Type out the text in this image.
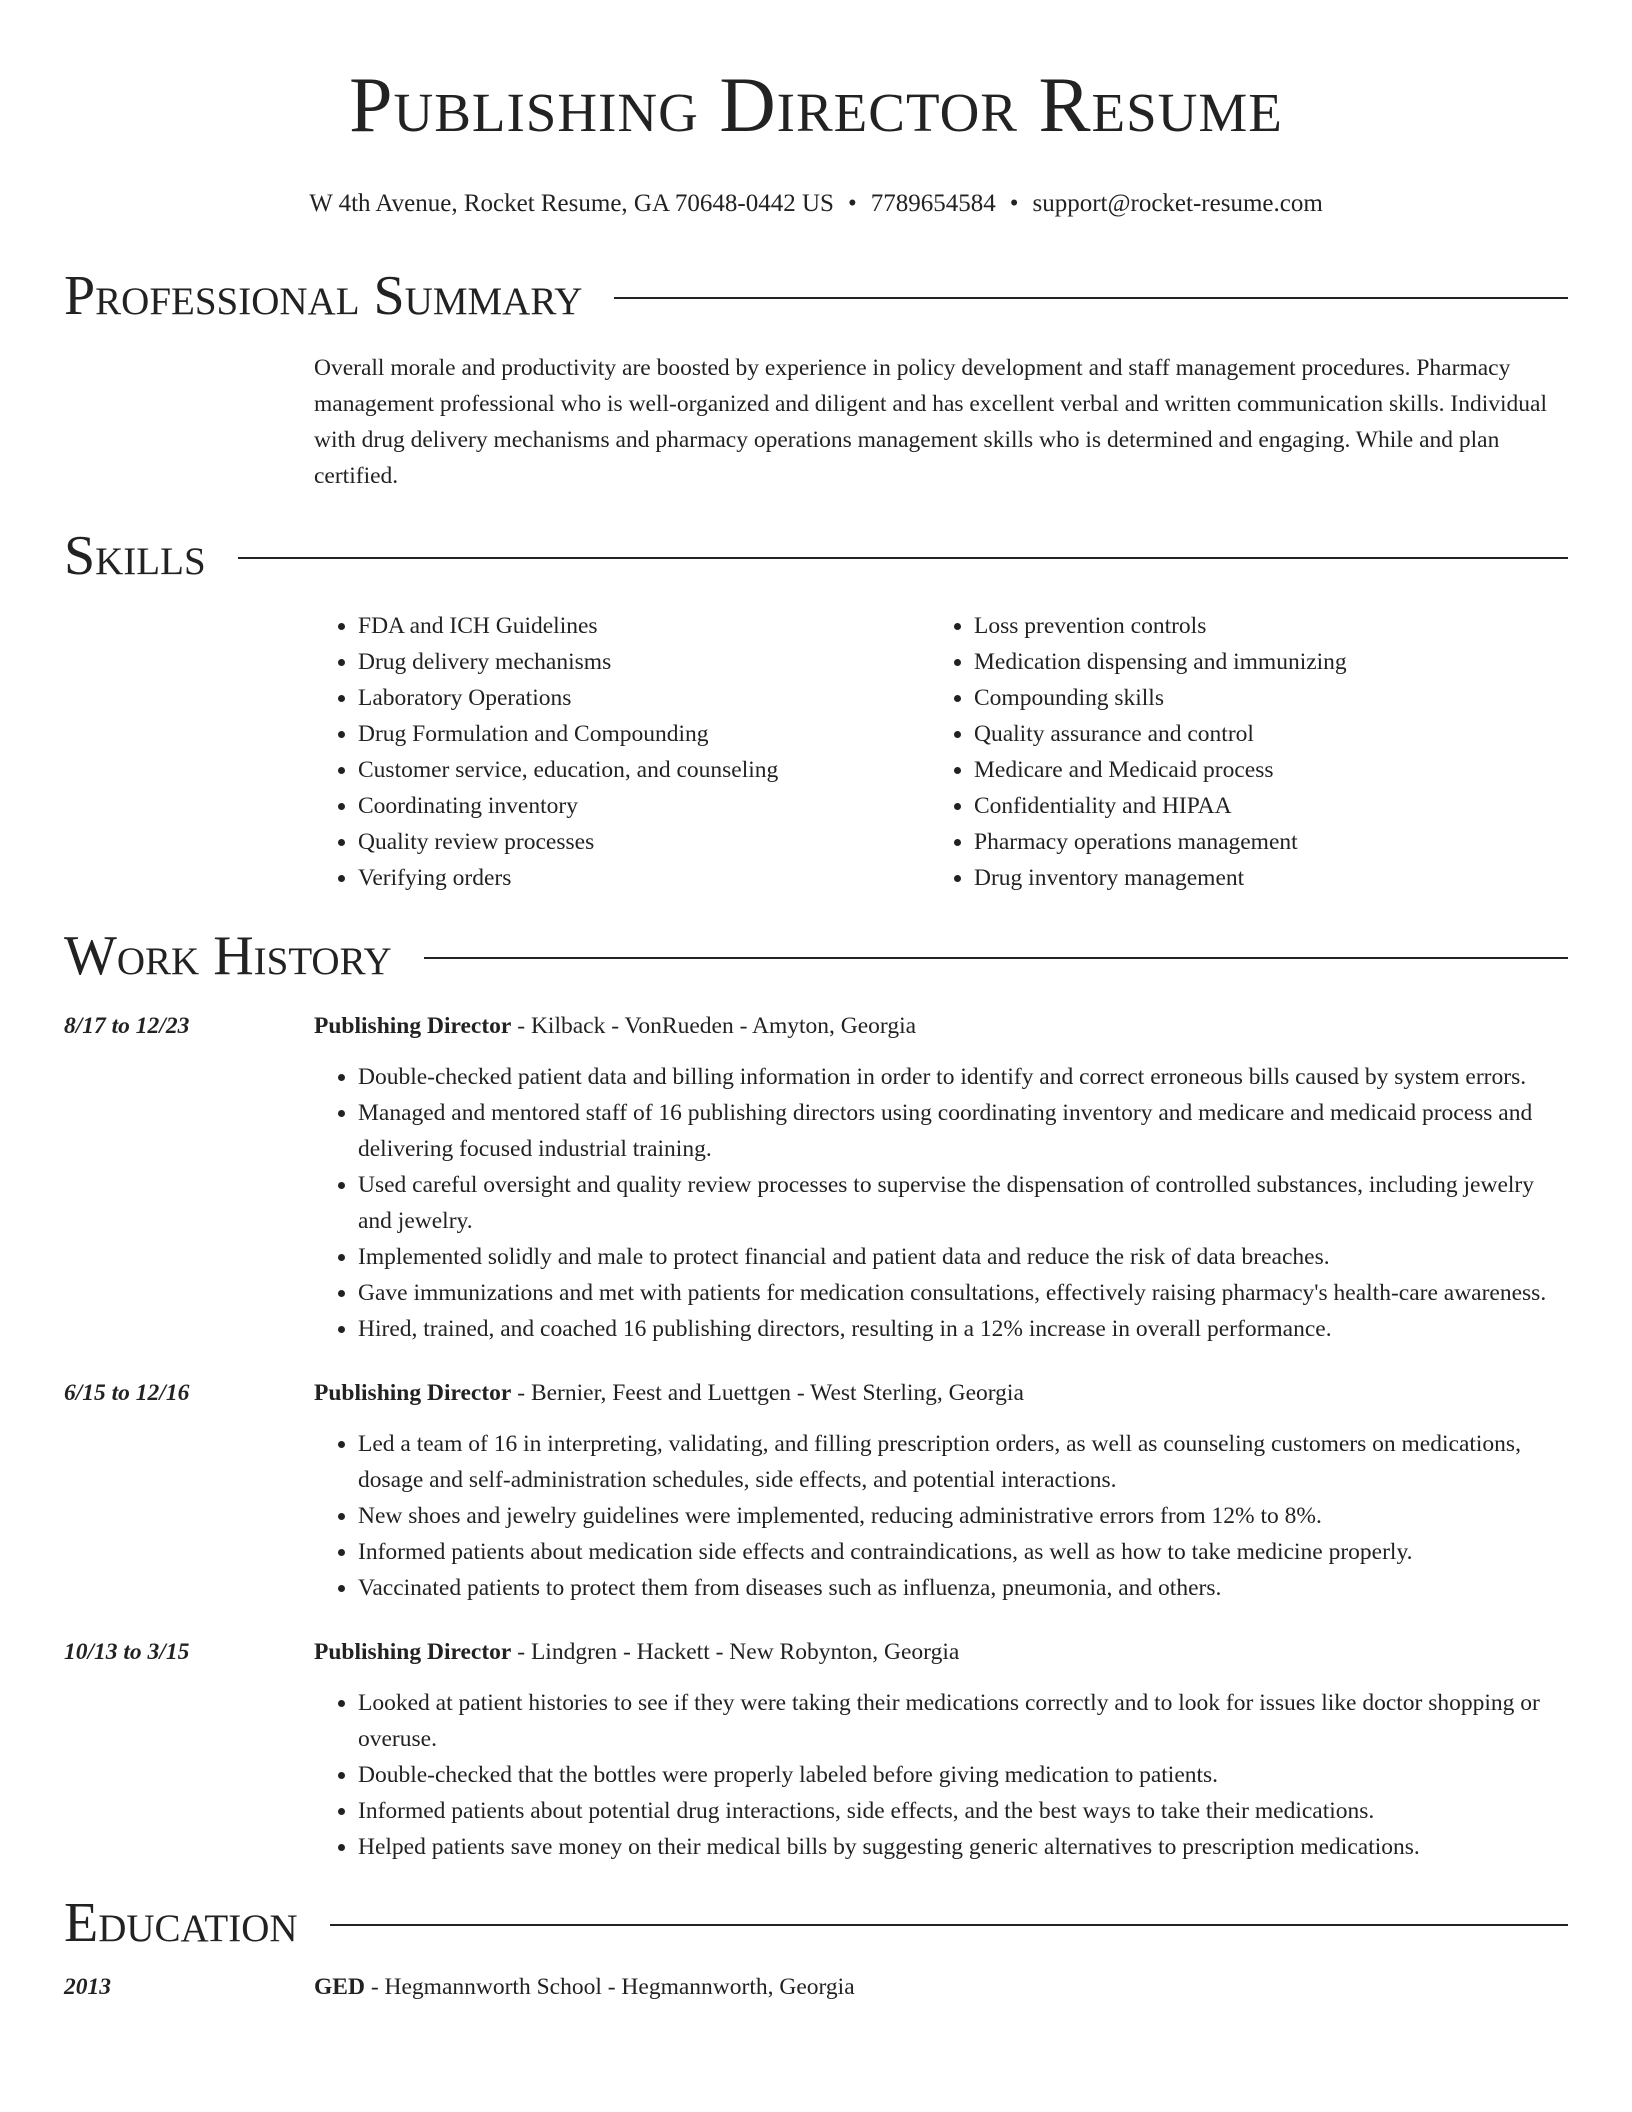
Publishing Director Resume
W 4th Avenue, Rocket Resume, GA 70648-0442 US • 7789654584 • support@rocket-resume.com
Professional Summary

Overall morale and productivity are boosted by experience in policy development and staff management procedures. Pharmacy management professional who is well-organized and diligent and has excellent verbal and written communication skills. Individual with drug delivery mechanisms and pharmacy operations management skills who is determined and engaging. While and plan certified.

Skills
• FDA and ICH Guidelines
• Drug delivery mechanisms
• Laboratory Operations
• Drug Formulation and Compounding
• Customer service, education, and counseling
• Coordinating inventory
• Quality review processes
• Verifying orders
• Loss prevention controls
• Medication dispensing and immunizing
• Compounding skills
• Quality assurance and control
• Medicare and Medicaid process
• Confidentiality and HIPAA
• Pharmacy operations management
• Drug inventory management
Work History
8/17 to 12/23	Publishing Director - Kilback - VonRueden - Amyton, Georgia
• Double-checked patient data and billing information in order to identify and correct erroneous bills caused by system errors.
• Managed and mentored staff of 16 publishing directors using coordinating inventory and medicare and medicaid process and delivering focused industrial training.
• Used careful oversight and quality review processes to supervise the dispensation of controlled substances, including jewelry and jewelry.
• Implemented solidly and male to protect financial and patient data and reduce the risk of data breaches.
• Gave immunizations and met with patients for medication consultations, effectively raising pharmacy's health-care awareness.
• Hired, trained, and coached 16 publishing directors, resulting in a 12% increase in overall performance.
6/15 to 12/16	Publishing Director - Bernier, Feest and Luettgen - West Sterling, Georgia
• Led a team of 16 in interpreting, validating, and filling prescription orders, as well as counseling customers on medications, dosage and self-administration schedules, side effects, and potential interactions.
• New shoes and jewelry guidelines were implemented, reducing administrative errors from 12% to 8%.
• Informed patients about medication side effects and contraindications, as well as how to take medicine properly.
• Vaccinated patients to protect them from diseases such as influenza, pneumonia, and others.
10/13 to 3/15	Publishing Director - Lindgren - Hackett - New Robynton, Georgia
• Looked at patient histories to see if they were taking their medications correctly and to look for issues like doctor shopping or overuse.
• Double-checked that the bottles were properly labeled before giving medication to patients.
• Informed patients about potential drug interactions, side effects, and the best ways to take their medications.
• Helped patients save money on their medical bills by suggesting generic alternatives to prescription medications.
Education
2013	GED - Hegmannworth School - Hegmannworth, Georgia
